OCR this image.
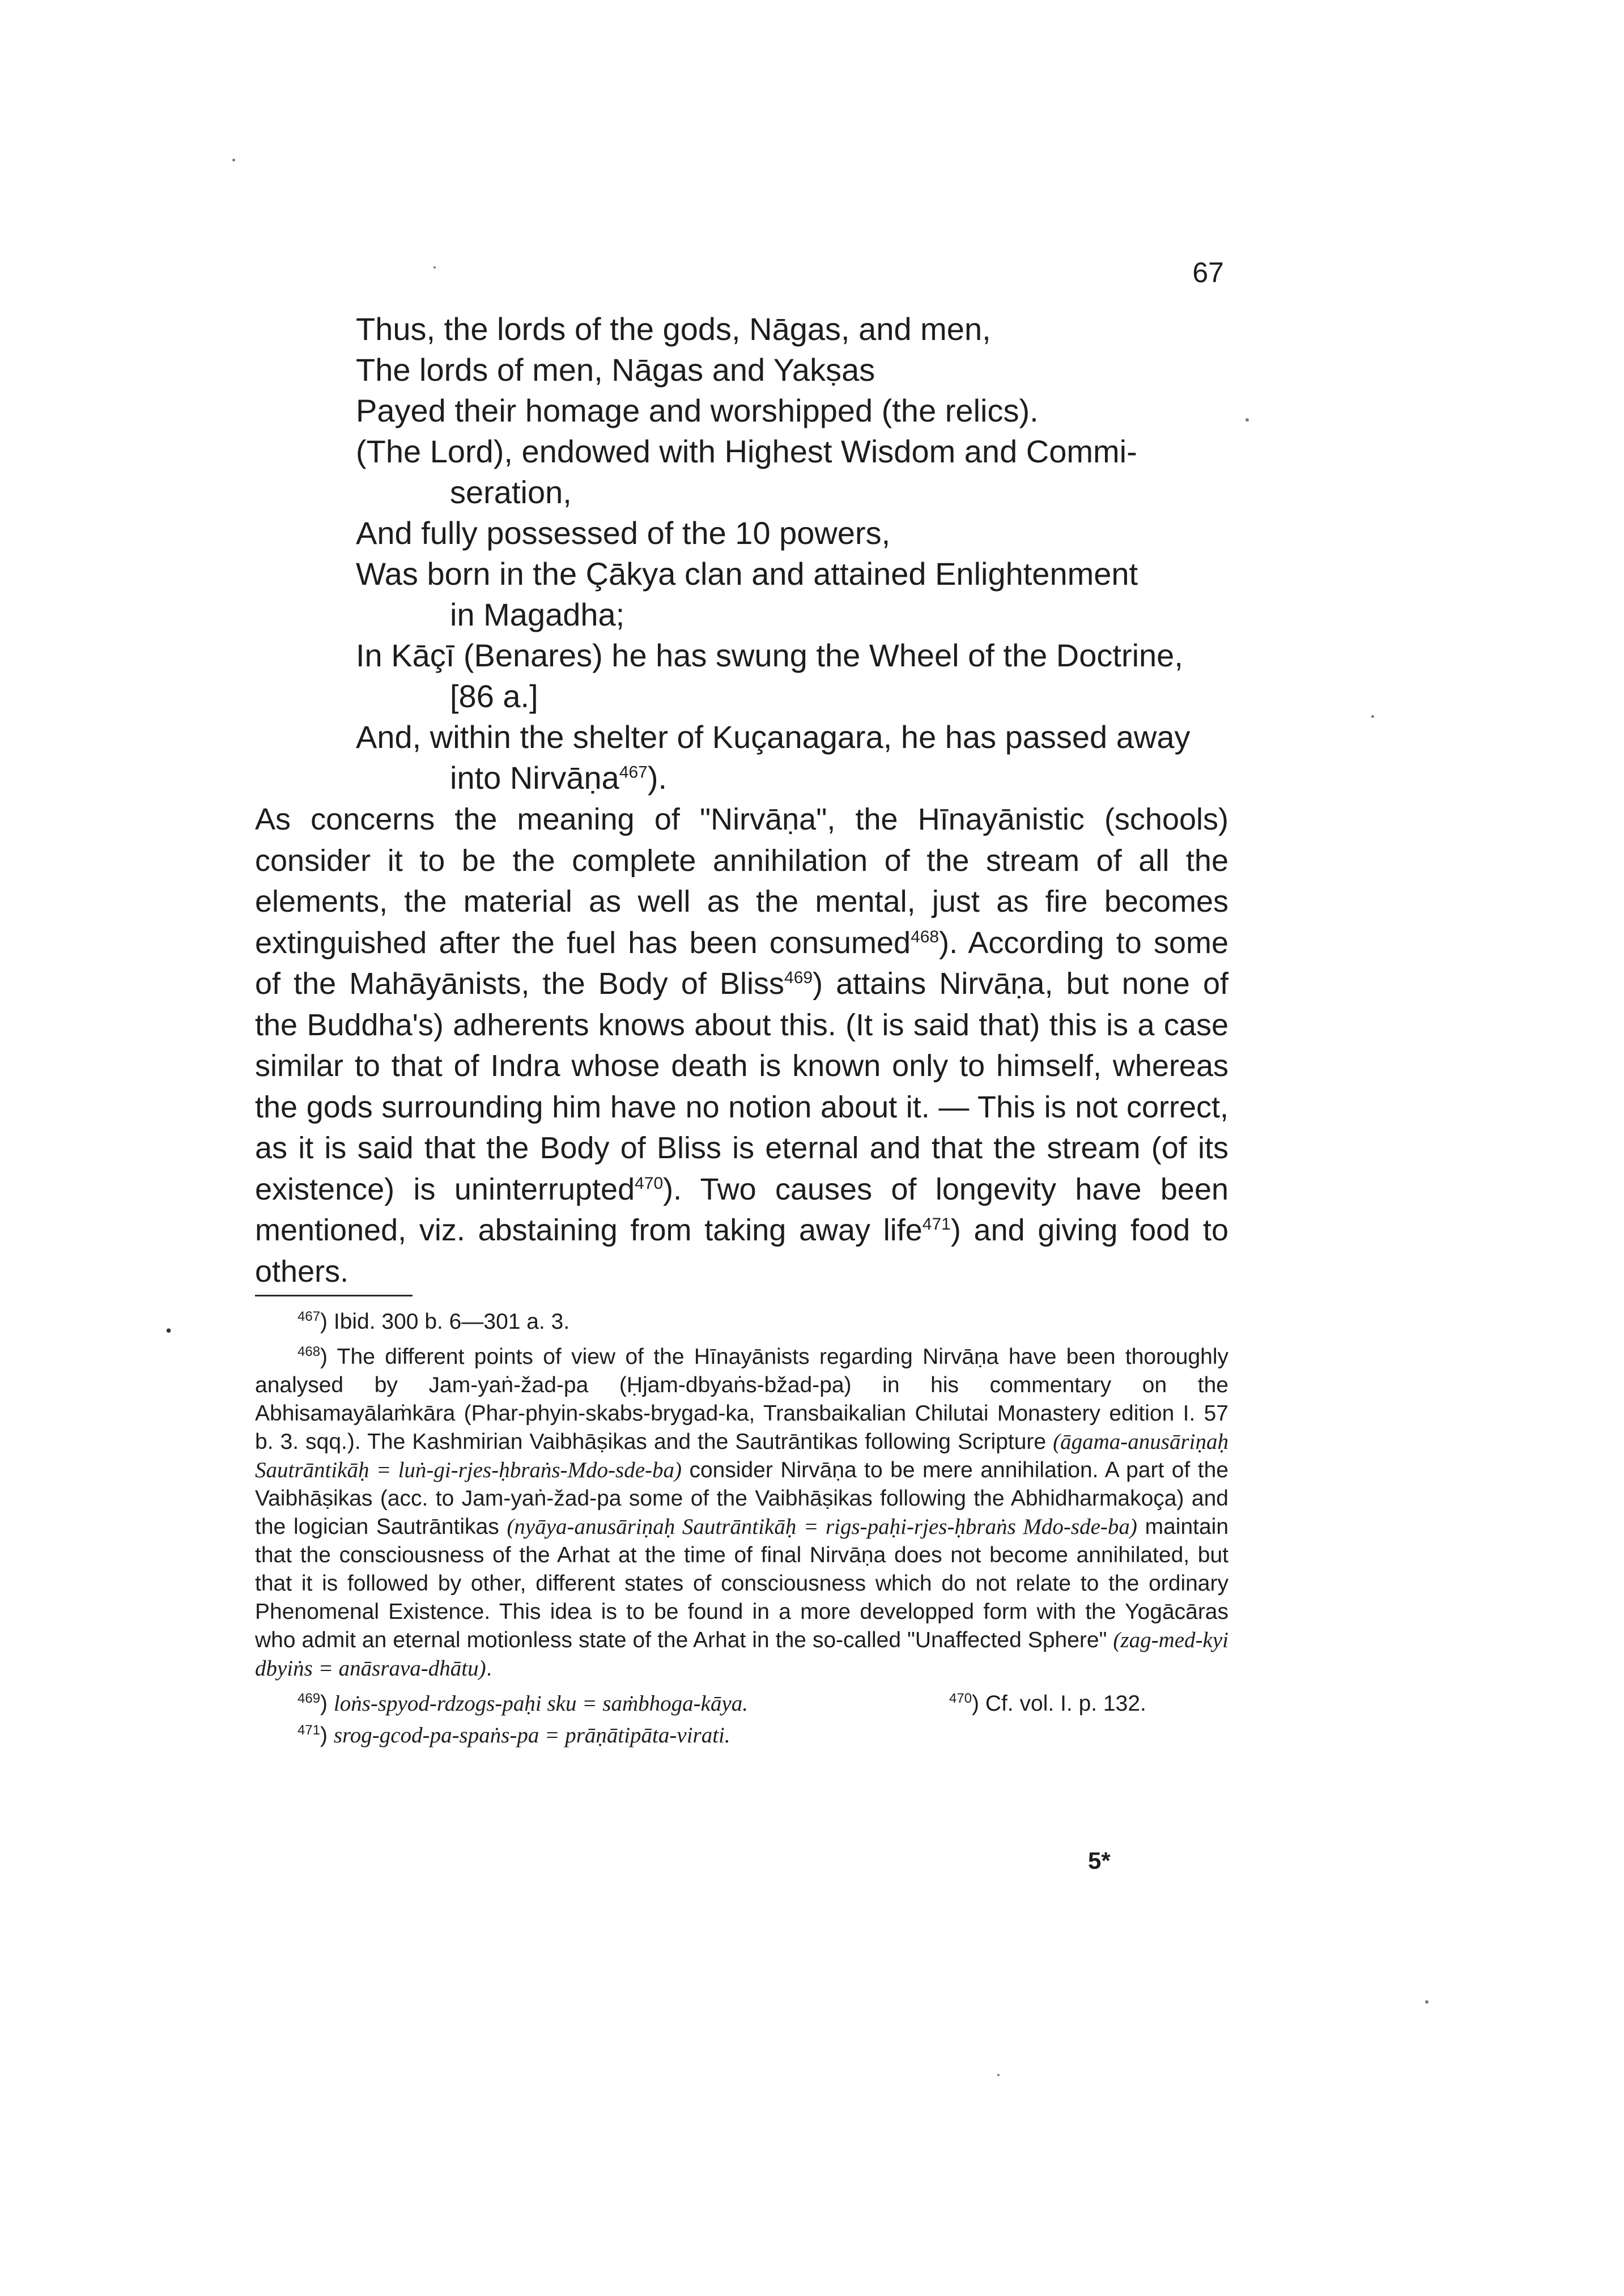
67
Thus, the lords of the gods, Nāgas, and men,
The lords of men, Nāgas and Yakṣas
Payed their homage and worshipped (the relics).
(The Lord), endowed with Highest Wisdom and Commi-
seration,
And fully possessed of the 10 powers,
Was born in the Çākya clan and attained Enlightenment
in Magadha;
In Kāçī (Benares) he has swung the Wheel of the Doctrine,
[86 a.]
And, within the shelter of Kuçanagara, he has passed away
into Nirvāṇa$^{467}$).

As concerns the meaning of "Nirvāṇa", the Hīnayānistic (schools) consider it to be the complete annihilation of the stream of all the elements, the material as well as the mental, just as fire becomes extinguished after the fuel has been consumed$^{468}$). According to some of the Mahāyānists, the Body of Bliss$^{469}$) attains Nirvāṇa, but none of the Buddha's) adherents knows about this. (It is said that) this is a case similar to that of Indra whose death is known only to himself, whereas the gods surrounding him have no notion about it. — This is not correct, as it is said that the Body of Bliss is eternal and that the stream (of its existence) is uninterrupted$^{470}$). Two causes of longevity have been mentioned, viz. abstaining from taking away life$^{471}$) and giving food to others.

•

$^{467}$) Ibid. 300 b. 6—301 a. 3.

$^{468}$) The different points of view of the Hīnayānists regarding Nirvāṇa have been thoroughly analysed by Jam-yaṅ-žad-pa (Ḥjam-dbyaṅs-bžad-pa) in his commentary on the Abhisamayālaṁkāra (Phar-phyin-skabs-brygad-ka, Transbaikalian Chilutai Monastery edition I. 57 b. 3. sqq.). The Kashmirian Vaibhāṣikas and the Sautrāntikas following Scripture (āgama-anusāriṇaḥ Sautrāntikāḥ = luṅ-gi-rjes-ḥbraṅs-Mdo-sde-ba) consider Nirvāṇa to be mere annihilation. A part of the Vaibhāṣikas (acc. to Jam-yaṅ-žad-pa some of the Vaibhāṣikas following the Abhidharmakoça) and the logician Sautrāntikas (nyāya-anusāriṇaḥ Sautrāntikāḥ = rigs-paḥi-rjes-ḥbraṅs Mdo-sde-ba) maintain that the consciousness of the Arhat at the time of final Nirvāṇa does not become annihilated, but that it is followed by other, different states of consciousness which do not relate to the ordinary Phenomenal Existence. This idea is to be found in a more developped form with the Yogācāras who admit an eternal motionless state of the Arhat in the so-called "Unaffected Sphere" (zag-med-kyi dbyiṅs = anāsrava-dhātu).

$^{469}$) loṅs-spyod-rdzogs-paḥi sku = saṁbhoga-kāya.	$^{470}$) Cf. vol. I. p. 132.

$^{471}$) srog-gcod-pa-spaṅs-pa = prāṇātipāta-virati.

5*
